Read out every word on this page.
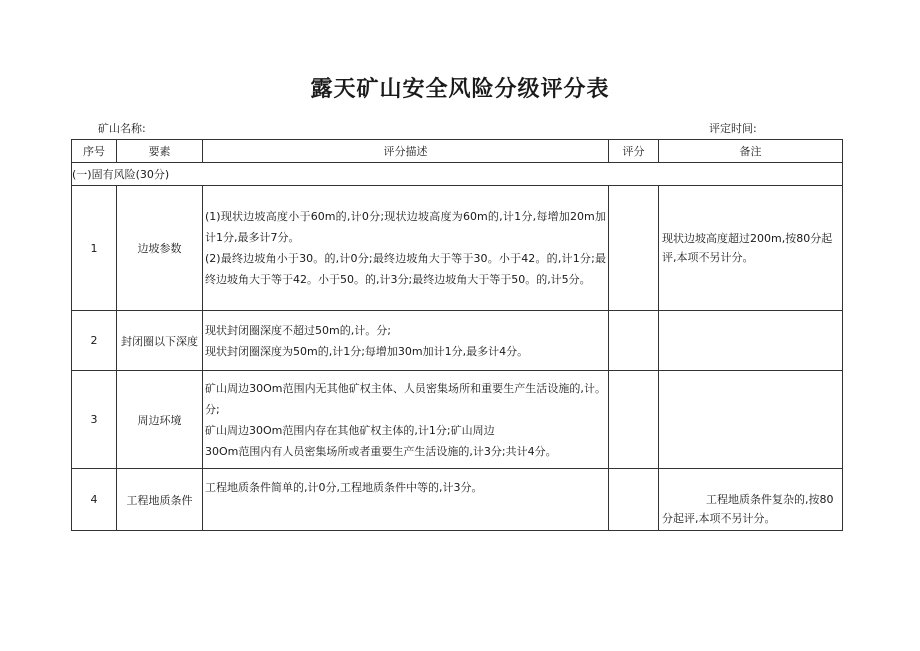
露天矿山安全风险分级评分表
矿山名称:	评定时间:
序号	要素	评分描述	评分	备注
(一)固有风险(30分)				
1	边坡参数	(1)现状边坡高度小于60m的,计0分;现状边坡高度为60m的,计1分,每增加20m加计1分,最多计7分。

(2)最终边坡角小于30。的,计0分;最终边坡角大于等于30。小于42。的,计1分;最终边坡角大于等于42。小于50。的,计3分;最终边坡角大于等于50。的,计5分。		现状边坡高度超过200m,按80分起评,本项不另计分。
2	封闭圈以下深度	现状封闭圈深度不超过50m的,计。分;

现状封闭圈深度为50m的,计1分;每增加30m加计1分,最多计4分。		

3	周边环境	矿山周边30Om范围内无其他矿权主体、人员密集场所和重要生产生活设施的,计。分;

矿山周边30Om范围内存在其他矿权主体的,计1分;矿山周边

30Om范围内有人员密集场所或者重要生产生活设施的,计3分;共计4分。		

4	工程地质条件	工程地质条件简单的,计0分,工程地质条件中等的,计3分。		工程地质条件复杂的,按80分起评,本项不另计分。
